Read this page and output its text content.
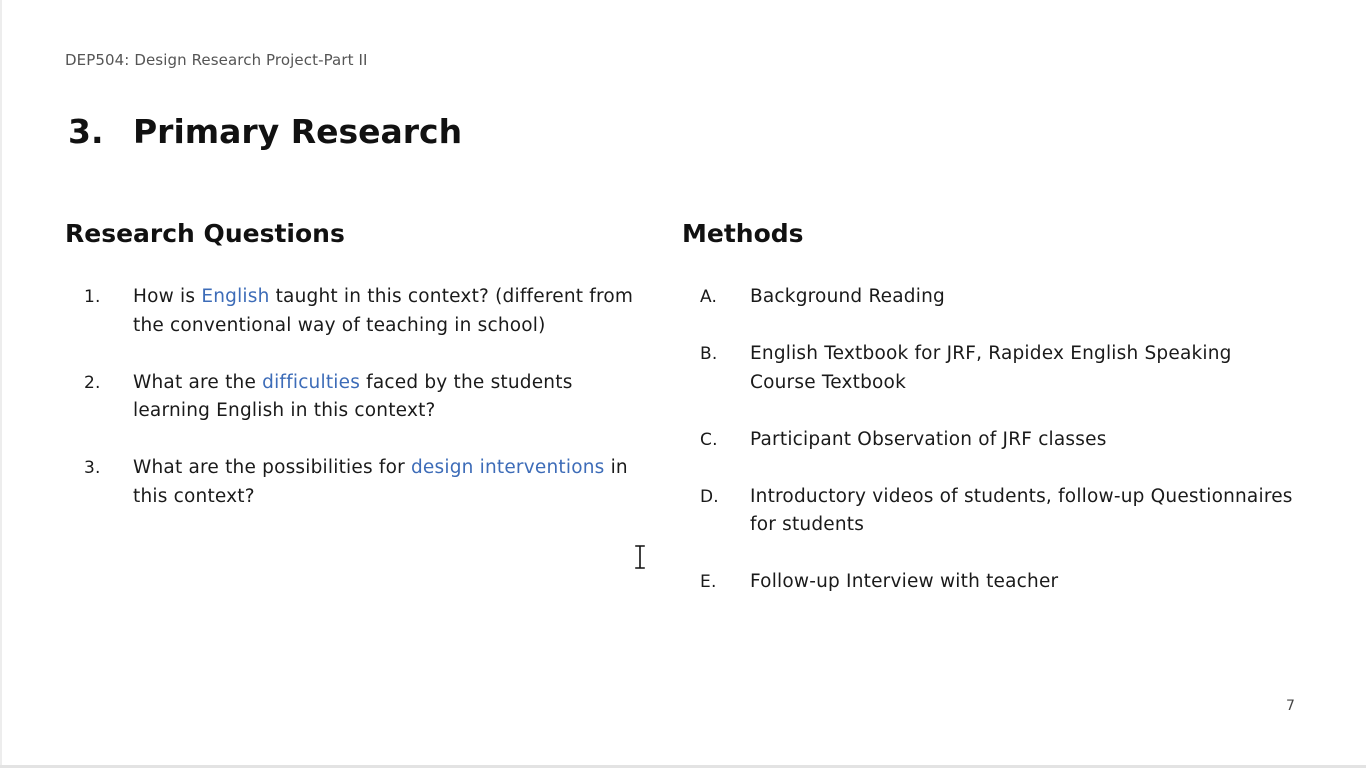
DEP504: Design Research Project-Part II
3. Primary Research
Research Questions	Methods
1.	How is English taught in this context? (different from the conventional way of teaching in school)
2.	What are the difficulties faced by the students learning English in this context?
3.	What are the possibilities for design interventions in this context?
A.	Background Reading
B.	English Textbook for JRF, Rapidex English Speaking Course Textbook
C.	Participant Observation of JRF classes
D.	Introductory videos of students, follow-up Questionnaires for students
E.	Follow-up Interview with teacher
7
